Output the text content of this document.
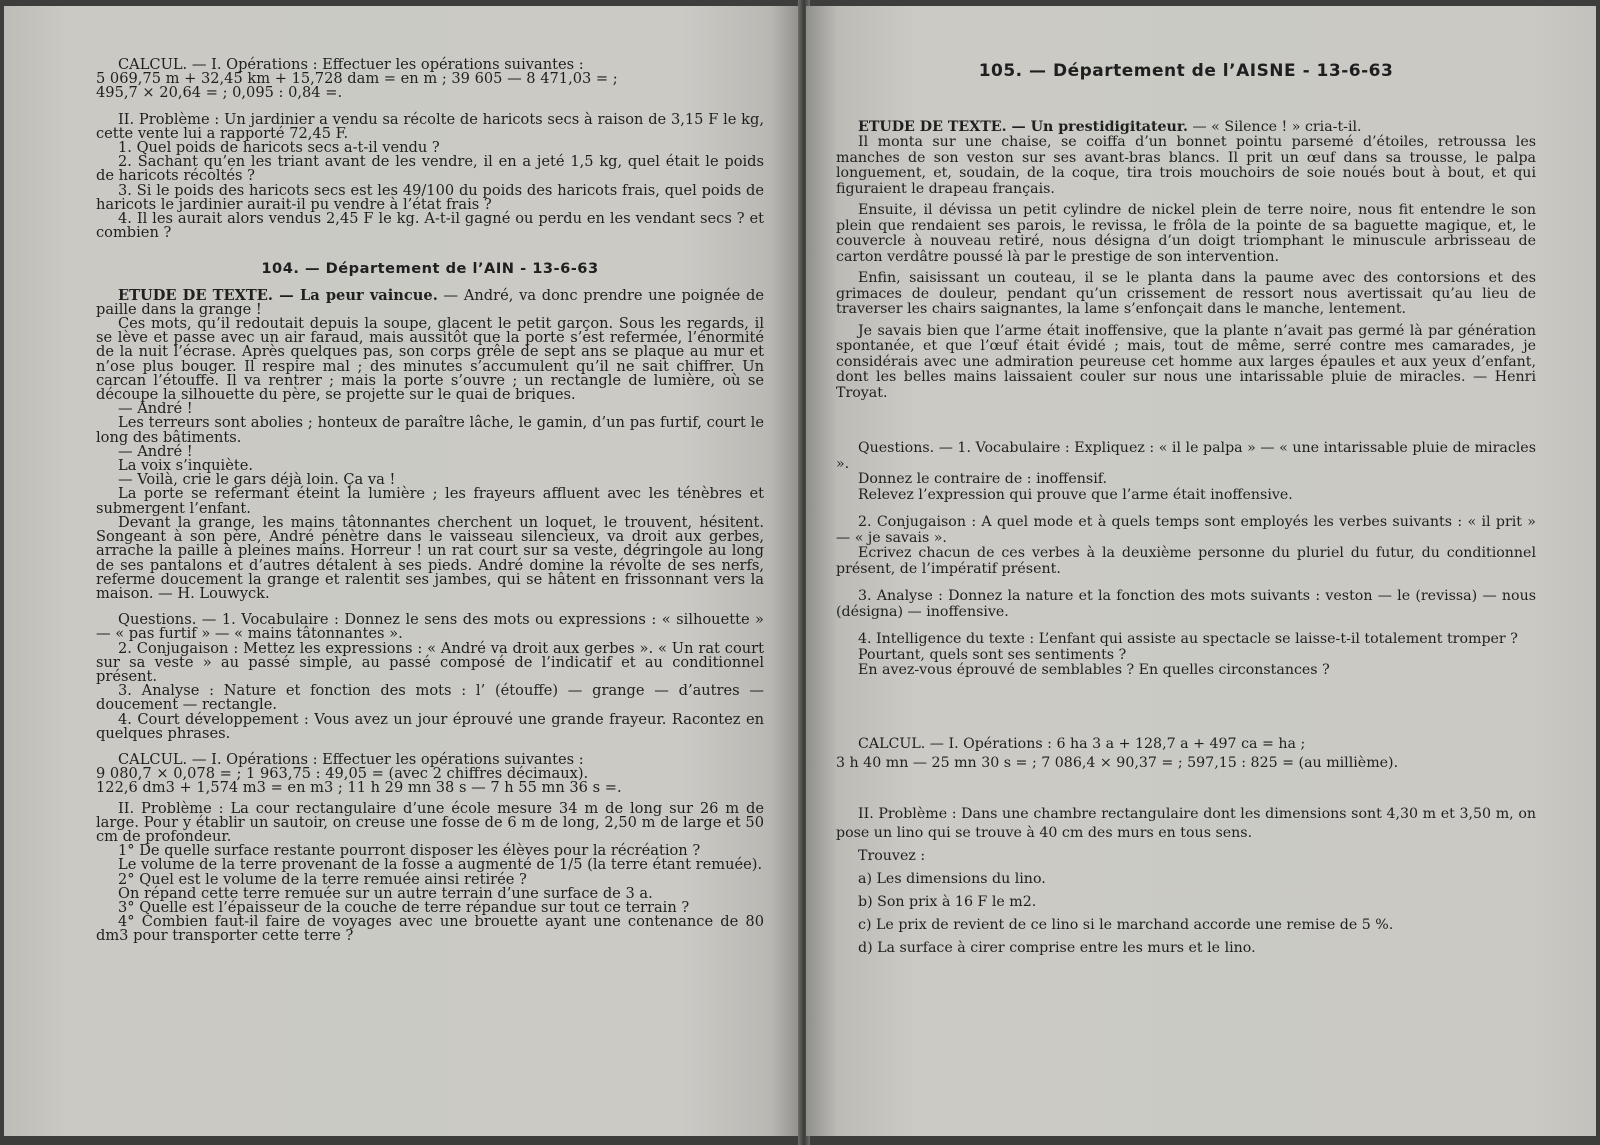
CALCUL. — I. Opérations : Effectuer les opérations suivantes :

5 069,75 m + 32,45 km + 15,728 dam = en m ; 39 605 — 8 471,03 = ;

495,7 × 20,64 = ; 0,095 : 0,84 =.

II. Problème : Un jardinier a vendu sa récolte de haricots secs à raison de 3,15 F le kg, cette vente lui a rapporté 72,45 F.

1. Quel poids de haricots secs a-t-il vendu ?

2. Sachant qu’en les triant avant de les vendre, il en a jeté 1,5 kg, quel était le poids de haricots récoltés ?

3. Si le poids des haricots secs est les 49/100 du poids des haricots frais, quel poids de haricots le jardinier aurait-il pu vendre à l’état frais ?

4. Il les aurait alors vendus 2,45 F le kg. A-t-il gagné ou perdu en les vendant secs ? et combien ?

104. — Département de l’AIN - 13-6-63

ETUDE DE TEXTE. — La peur vaincue. — André, va donc prendre une poignée de paille dans la grange !

Ces mots, qu’il redoutait depuis la soupe, glacent le petit garçon. Sous les regards, il se lève et passe avec un air faraud, mais aussitôt que la porte s’est refermée, l’énormité de la nuit l’écrase. Après quelques pas, son corps grêle de sept ans se plaque au mur et n’ose plus bouger. Il respire mal ; des minutes s’accumulent qu’il ne sait chiffrer. Un carcan l’étouffe. Il va rentrer ; mais la porte s’ouvre ; un rectangle de lumière, où se découpe la silhouette du père, se projette sur le quai de briques.

— André !

Les terreurs sont abolies ; honteux de paraître lâche, le gamin, d’un pas furtif, court le long des bâtiments.

— André !

La voix s’inquiète.

— Voilà, crie le gars déjà loin. Ça va !

La porte se refermant éteint la lumière ; les frayeurs affluent avec les ténèbres et submergent l’enfant.

Devant la grange, les mains tâtonnantes cherchent un loquet, le trouvent, hésitent. Songeant à son père, André pénètre dans le vaisseau silencieux, va droit aux gerbes, arrache la paille à pleines mains. Horreur ! un rat court sur sa veste, dégringole au long de ses pantalons et d’autres détalent à ses pieds. André domine la révolte de ses nerfs, referme doucement la grange et ralentit ses jambes, qui se hâtent en frissonnant vers la maison. — H. Louwyck.

Questions. — 1. Vocabulaire : Donnez le sens des mots ou expressions : « silhouette » — « pas furtif » — « mains tâtonnantes ».

2. Conjugaison : Mettez les expressions : « André va droit aux gerbes ». « Un rat court sur sa veste » au passé simple, au passé composé de l’indicatif et au conditionnel présent.

3. Analyse : Nature et fonction des mots : l’ (étouffe) — grange — d’autres — doucement — rectangle.

4. Court développement : Vous avez un jour éprouvé une grande frayeur. Racontez en quelques phrases.

CALCUL. — I. Opérations : Effectuer les opérations suivantes :

9 080,7 × 0,078 = ; 1 963,75 : 49,05 = (avec 2 chiffres décimaux).

122,6 dm3 + 1,574 m3 = en m3 ; 11 h 29 mn 38 s — 7 h 55 mn 36 s =.

II. Problème : La cour rectangulaire d’une école mesure 34 m de long sur 26 m de large. Pour y établir un sautoir, on creuse une fosse de 6 m de long, 2,50 m de large et 50 cm de profondeur.

1° De quelle surface restante pourront disposer les élèves pour la récréation ?

Le volume de la terre provenant de la fosse a augmenté de 1/5 (la terre étant remuée).

2° Quel est le volume de la terre remuée ainsi retirée ?

On répand cette terre remuée sur un autre terrain d’une surface de 3 a.

3° Quelle est l’épaisseur de la couche de terre répandue sur tout ce terrain ?

4° Combien faut-il faire de voyages avec une brouette ayant une contenance de 80 dm3 pour transporter cette terre ?

105. — Département de l’AISNE - 13-6-63

ETUDE DE TEXTE. — Un prestidigitateur. — « Silence ! » cria-t-il.

Il monta sur une chaise, se coiffa d’un bonnet pointu parsemé d’étoiles, retroussa les manches de son veston sur ses avant-bras blancs. Il prit un œuf dans sa trousse, le palpa longuement, et, soudain, de la coque, tira trois mouchoirs de soie noués bout à bout, et qui figuraient le drapeau français.

Ensuite, il dévissa un petit cylindre de nickel plein de terre noire, nous fit entendre le son plein que rendaient ses parois, le revissa, le frôla de la pointe de sa baguette magique, et, le couvercle à nouveau retiré, nous désigna d’un doigt triomphant le minuscule arbrisseau de carton verdâtre poussé là par le prestige de son intervention.

Enfin, saisissant un couteau, il se le planta dans la paume avec des contorsions et des grimaces de douleur, pendant qu’un crissement de ressort nous avertissait qu’au lieu de traverser les chairs saignantes, la lame s’enfonçait dans le manche, lentement.

Je savais bien que l’arme était inoffensive, que la plante n’avait pas germé là par génération spontanée, et que l’œuf était évidé ; mais, tout de même, serré contre mes camarades, je considérais avec une admiration peureuse cet homme aux larges épaules et aux yeux d’enfant, dont les belles mains laissaient couler sur nous une intarissable pluie de miracles. — Henri Troyat.

Questions. — 1. Vocabulaire : Expliquez : « il le palpa » — « une intarissable pluie de miracles ».

Donnez le contraire de : inoffensif.

Relevez l’expression qui prouve que l’arme était inoffensive.

2. Conjugaison : A quel mode et à quels temps sont employés les verbes suivants : « il prit » — « je savais ».

Ecrivez chacun de ces verbes à la deuxième personne du pluriel du futur, du conditionnel présent, de l’impératif présent.

3. Analyse : Donnez la nature et la fonction des mots suivants : veston — le (revissa) — nous (désigna) — inoffensive.

4. Intelligence du texte : L’enfant qui assiste au spectacle se laisse-t-il totalement tromper ?

Pourtant, quels sont ses sentiments ?

En avez-vous éprouvé de semblables ? En quelles circonstances ?

CALCUL. — I. Opérations : 6 ha 3 a + 128,7 a + 497 ca = ha ;

3 h 40 mn — 25 mn 30 s = ; 7 086,4 × 90,37 = ; 597,15 : 825 = (au millième).

II. Problème : Dans une chambre rectangulaire dont les dimensions sont 4,30 m et 3,50 m, on pose un lino qui se trouve à 40 cm des murs en tous sens.

Trouvez :

a) Les dimensions du lino.

b) Son prix à 16 F le m2.

c) Le prix de revient de ce lino si le marchand accorde une remise de 5 %.

d) La surface à cirer comprise entre les murs et le lino.
